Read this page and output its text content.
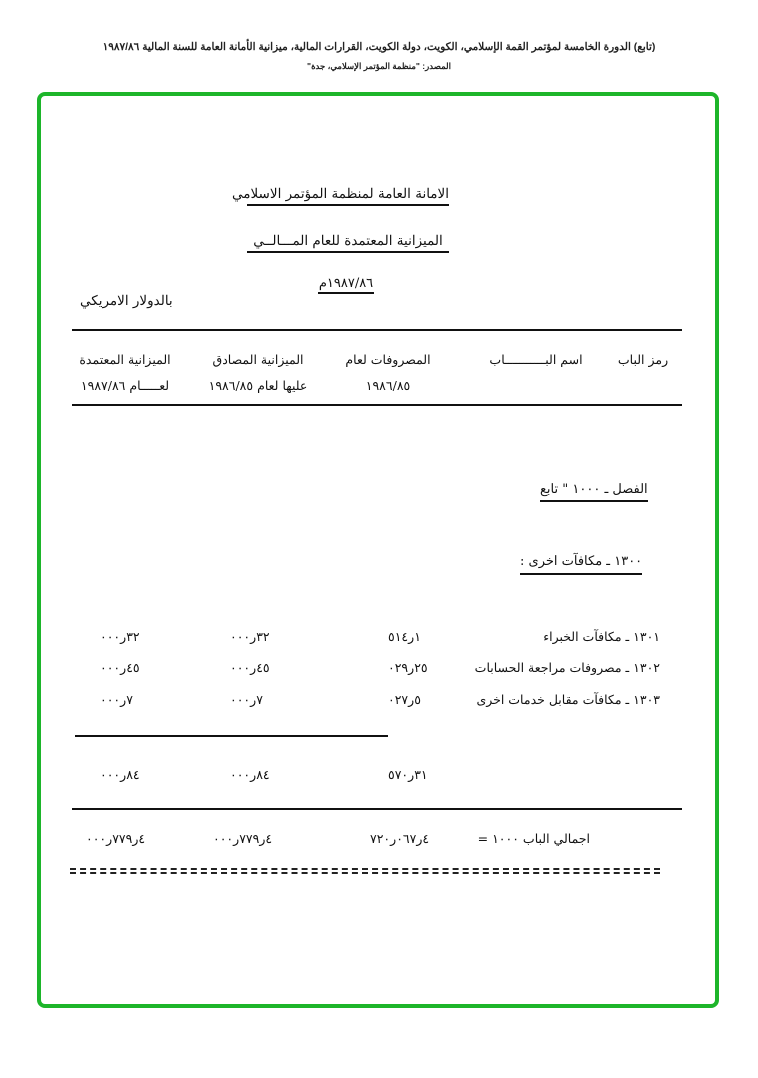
(تابع) الدورة الخامسة لمؤتمر القمة الإسلامي، الكويت، دولة الكويت، القرارات المالية، ميزانية الأمانة العامة للسنة المالية ١٩٨٧/٨٦
المصدر: "منظمة المؤتمر الإسلامي، جدة"
الامانة العامة لمنظمة المؤتمر الاسلامي
الميزانية المعتمدة للعام المـــالــي
١٩٨٧/٨٦م
بالدولار الامريكي
رمز الباب
اسم البـــــــــــاب
المصروفات لعام
١٩٨٦/٨٥
الميزانية المصادق
عليها لعام ١٩٨٦/٨٥
الميزانية المعتمدة
لعـــــام ١٩٨٧/٨٦
الفصل ـ ١٠٠٠ " تابع
١٣٠٠ ـ مكافآت اخرى :
١٣٠١ ـ مكافآت الخبراء
١ر٥١٤
٣٢ر٠٠٠
٣٢ر٠٠٠
١٣٠٢ ـ مصروفات مراجعة الحسابات
٢٥ر٠٢٩
٤٥ر٠٠٠
٤٥ر٠٠٠
١٣٠٣ ـ مكافآت مقابل خدمات اخرى
٥ر٠٢٧
٧ر٠٠٠
٧ر٠٠٠
٣١ر٥٧٠
٨٤ر٠٠٠
٨٤ر٠٠٠
اجمالي الباب ١٠٠٠ =
٤ر٠٦٧ر٧٢٠
٤ر٧٧٩ر٠٠٠
٤ر٧٧٩ر٠٠٠
